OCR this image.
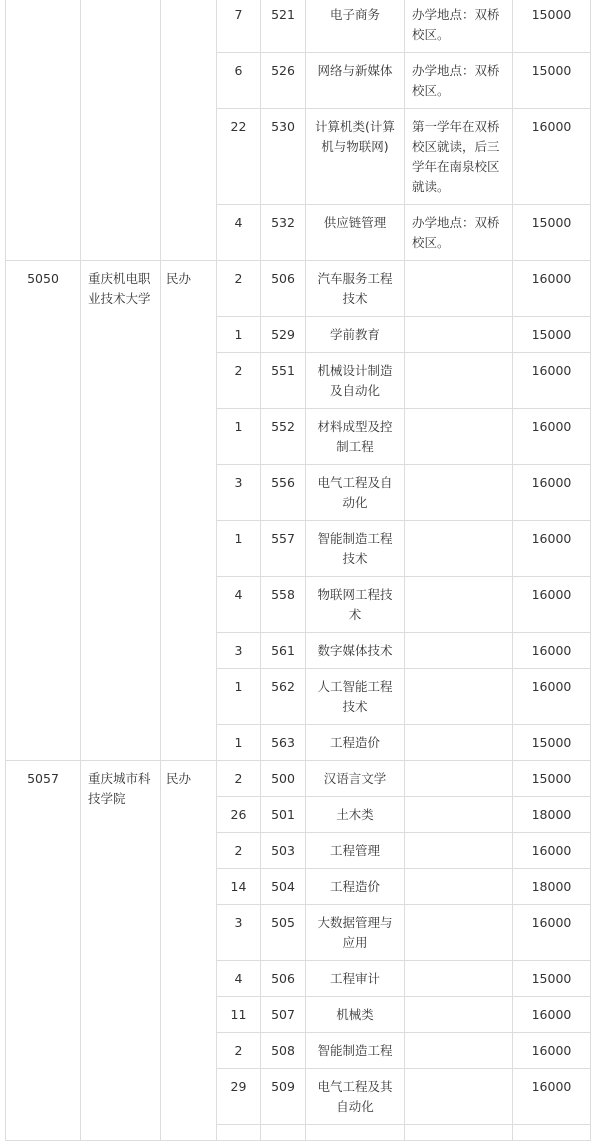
			7	521	电子商务	办学地点：双桥校区。	15000
			6	526	网络与新媒体	办学地点：双桥校区。	15000
			22	530	计算机类(计算机与物联网)	第一学年在双桥校区就读，后三学年在南泉校区就读。	16000
			4	532	供应链管理	办学地点：双桥校区。	15000
5050	重庆机电职业技术大学	民办	2	506	汽车服务工程技术		16000
			1	529	学前教育		15000
			2	551	机械设计制造及自动化		16000
			1	552	材料成型及控制工程		16000
			3	556	电气工程及自动化		16000
			1	557	智能制造工程技术		16000
			4	558	物联网工程技术		16000
			3	561	数字媒体技术		16000
			1	562	人工智能工程技术		16000
			1	563	工程造价		15000
5057	重庆城市科技学院	民办	2	500	汉语言文学		15000
			26	501	土木类		18000
			2	503	工程管理		16000
			14	504	工程造价		18000
			3	505	大数据管理与应用		16000
			4	506	工程审计		15000
			11	507	机械类		16000
			2	508	智能制造工程		16000
			29	509	电气工程及其自动化		16000
